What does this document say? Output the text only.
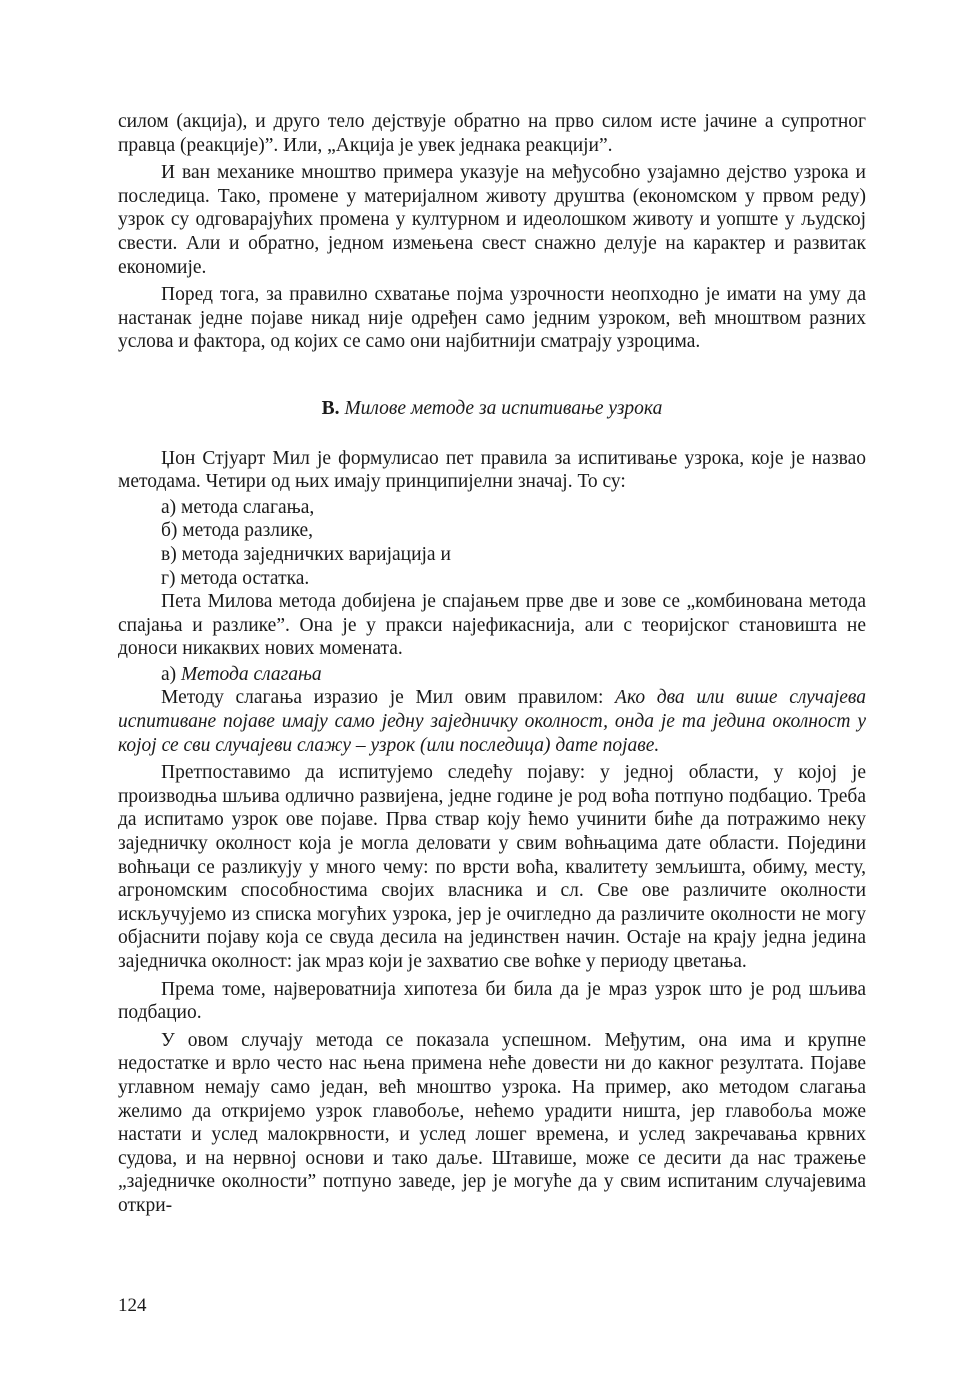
силом (акција), и друго тело дејствује обратно на прво силом исте јачине а супротног правца (реакције)”. Или, „Акција је увек једнака реакцији”.

И ван механике мноштво примера указује на међусобно узајамно дејство узрока и последица. Тако, промене у материјалном животу друштва (економском у првом реду) узрок су одговарајућих промена у културном и идеолошком животу и уопште у људској свести. Али и обратно, једном измењена свест снажно делује на карактер и развитак економије.

Поред тога, за правилно схватање појма узрочности неопходно је имати на уму да настанак једне појаве никад није одређен само једним узроком, већ мноштвом разних услова и фактора, од којих се само они најбитнији сматрају узроцима.

В. Милове методе за испитивање узрока

Џон Стјуарт Мил је формулисао пет правила за испитивање узрока, које је назвао методама. Четири од њих имају принципијелни значај. То су:

а) метода слагања,
б) метода разлике,
в) метода заједничких варијација и
г) метода остатка.

Пета Милова метода добијена је спајањем прве две и зове се „комбинована метода спајања и разлике”. Она је у пракси најефикаснија, али с теоријског становишта не доноси никаквих нових момената.

а) Метода слагања

Методу слагања изразио је Мил овим правилом: Ако два или више случајева испитиване појаве имају само једну заједничку околност, онда је та једина околност у којој се сви случајеви слажу – узрок (или последица) дате појаве.

Претпоставимо да испитујемо следећу појаву: у једној области, у којој је производња шљива одлично развијена, једне године је род воћа потпуно подбацио. Треба да испитамо узрок ове појаве. Прва ствар коју ћемо учинити биће да потражимо неку заједничку околност која је могла деловати у свим воћњацима дате области. Поједини воћњаци се разликују у много чему: по врсти воћа, квалитету земљишта, обиму, месту, агрономским способностима својих власника и сл. Све ове различите околности искључујемо из списка могућих узрока, јер је очигледно да различите околности не могу објаснити појаву која се свуда десила на јединствен начин. Остаје на крају једна једина заједничка околност: јак мраз који је захватио све воћке у периоду цветања.

Према томе, највероватнија хипотеза би била да је мраз узрок што је род шљива подбацио.

У овом случају метода се показала успешном. Међутим, она има и крупне недостатке и врло често нас њена примена неће довести ни до какног резултата. Појаве углавном немају само један, већ мноштво узрока. На пример, ако методом слагања желимо да откријемо узрок главобоље, нећемо урадити ништа, јер главобоља може настати и услед малокрвности, и услед лошег времена, и услед закречавања крвних судова, и на нервној основи и тако даље. Штавише, може се десити да нас тражење „заједничке околности” потпуно заведе, јер је могуће да у свим испитаним случајевима откри-

124
